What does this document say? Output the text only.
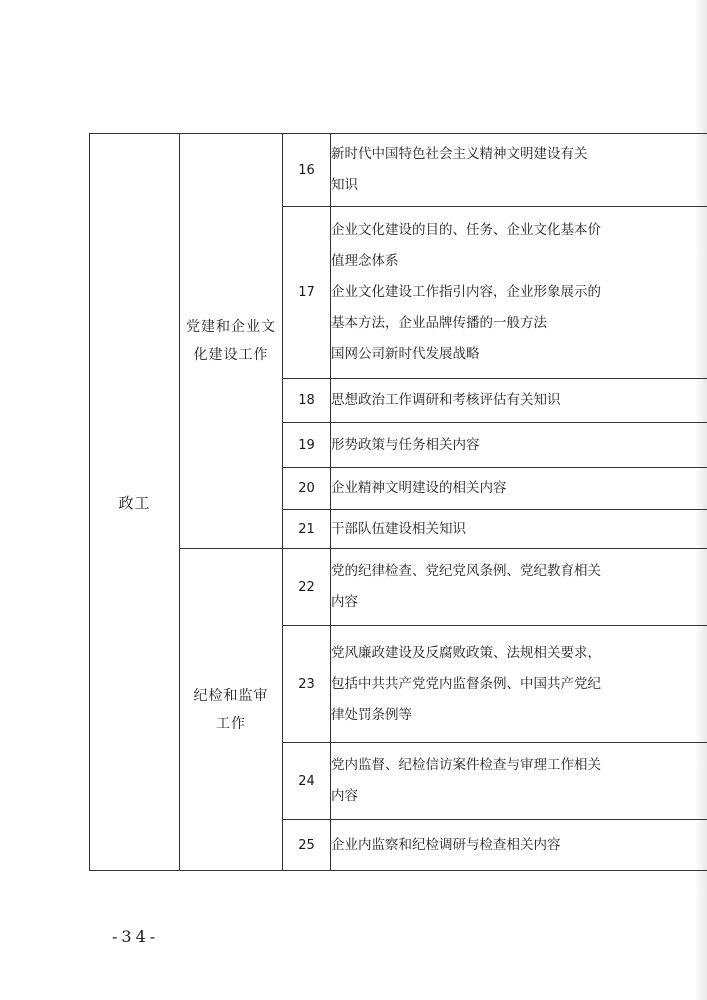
政工	党建和企业文
化建设工作	16	新时代中国特色社会主义精神文明建设有关
知识

		17	企业文化建设的目的、任务、企业文化基本价
值理念体系
企业文化建设工作指引内容，企业形象展示的
基本方法，企业品牌传播的一般方法
国网公司新时代发展战略

		18	思想政治工作调研和考核评估有关知识

		19	形势政策与任务相关内容

		20	企业精神文明建设的相关内容

		21	干部队伍建设相关知识

	纪检和监审
工作	22	党的纪律检查、党纪党风条例、党纪教育相关
内容

		23	党风廉政建设及反腐败政策、法规相关要求，
包括中共共产党党内监督条例、中国共产党纪
律处罚条例等

		24	党内监督、纪检信访案件检查与审理工作相关
内容

		25	企业内监察和纪检调研与检查相关内容
-34-
